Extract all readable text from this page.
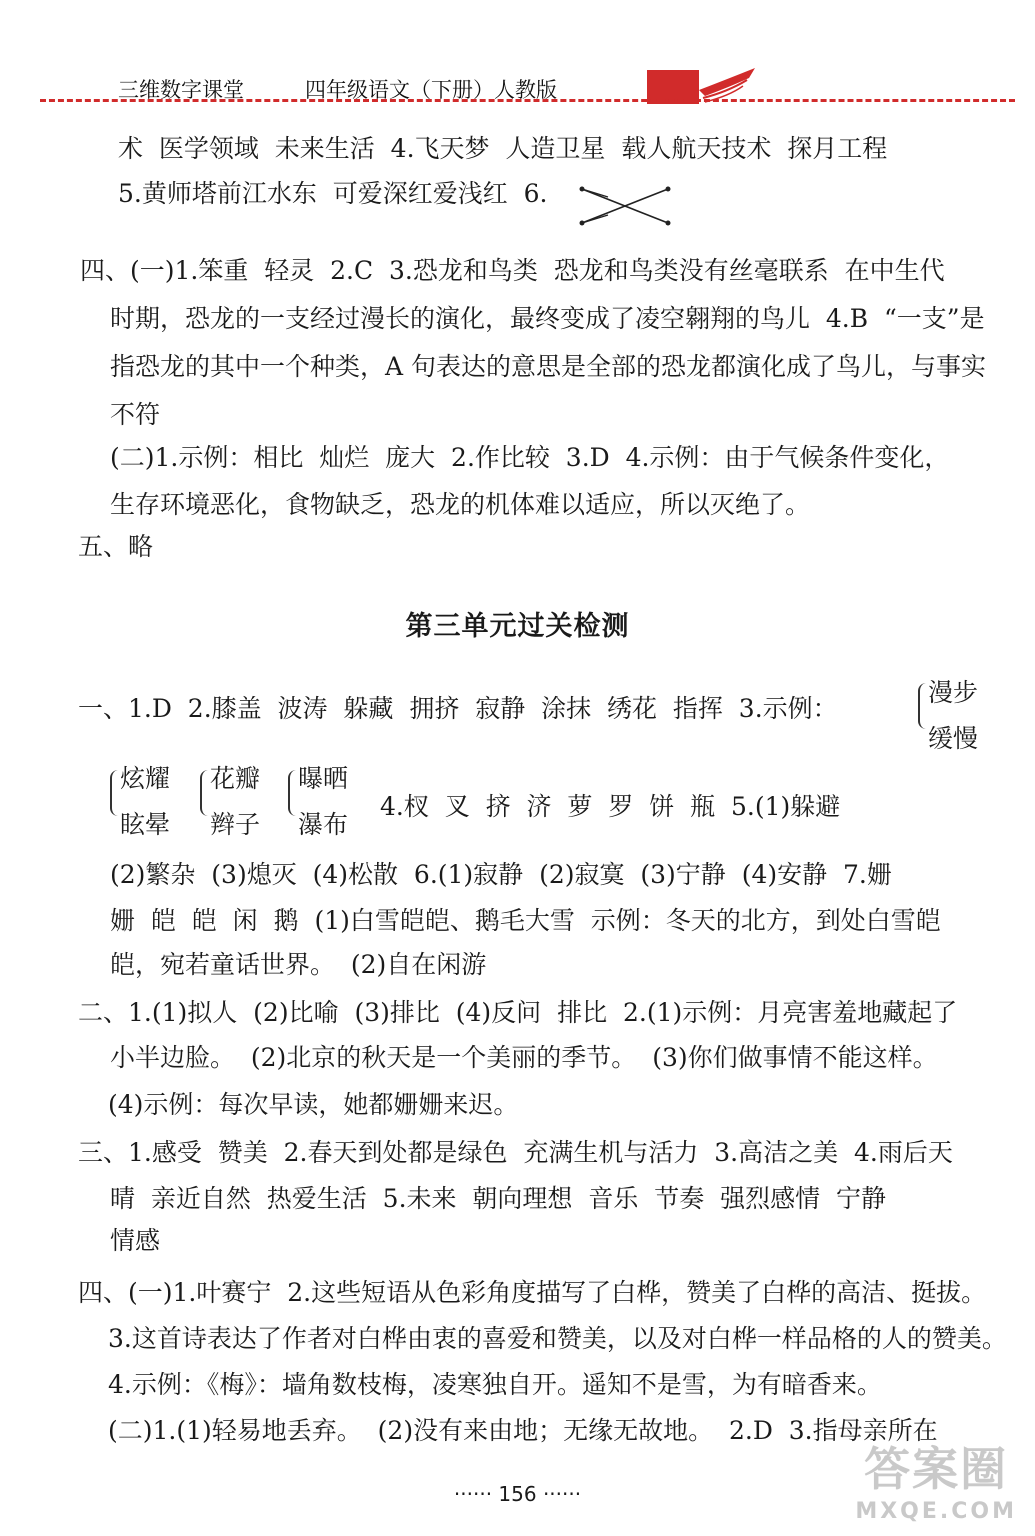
三维数字课堂	四年级语文（下册）人教版
术  医学领域  未来生活  4.飞天梦  人造卫星  载人航天技术  探月工程
5.黄师塔前江水东  可爱深红爱浅红  6.
四、(一)1.笨重  轻灵  2.C  3.恐龙和鸟类  恐龙和鸟类没有丝毫联系  在中生代
时期，恐龙的一支经过漫长的演化，最终变成了凌空翱翔的鸟儿  4.B  “一支”是
指恐龙的其中一个种类，A 句表达的意思是全部的恐龙都演化成了鸟儿，与事实
不符
(二)1.示例：相比  灿烂  庞大  2.作比较  3.D  4.示例：由于气候条件变化，
生存环境恶化，食物缺乏，恐龙的机体难以适应，所以灭绝了。
五、略
第三单元过关检测
一、1.D  2.膝盖  波涛  躲藏  拥挤  寂静  涂抹  绣花  指挥  3.示例：
漫步
缓慢
炫耀
眩晕
花瓣
辫子
曝晒
瀑布
4.杈  叉  挤  济  萝  罗  饼  瓶  5.(1)躲避
(2)繁杂  (3)熄灭  (4)松散  6.(1)寂静  (2)寂寞  (3)宁静  (4)安静  7.姗
姗  皑  皑  闲  鹅  (1)白雪皑皑、鹅毛大雪  示例：冬天的北方，到处白雪皑
皑，宛若童话世界。  (2)自在闲游
二、1.(1)拟人  (2)比喻  (3)排比  (4)反问  排比  2.(1)示例：月亮害羞地藏起了
小半边脸。  (2)北京的秋天是一个美丽的季节。  (3)你们做事情不能这样。
(4)示例：每次早读，她都姗姗来迟。
三、1.感受  赞美  2.春天到处都是绿色  充满生机与活力  3.高洁之美  4.雨后天
晴  亲近自然  热爱生活  5.未来  朝向理想  音乐  节奏  强烈感情  宁静
情感
四、(一)1.叶赛宁  2.这些短语从色彩角度描写了白桦，赞美了白桦的高洁、挺拔。
3.这首诗表达了作者对白桦由衷的喜爱和赞美，以及对白桦一样品格的人的赞美。
4.示例：《梅》：墙角数枝梅，凌寒独自开。遥知不是雪，为有暗香来。
(二)1.(1)轻易地丢弃。  (2)没有来由地；无缘无故地。  2.D  3.指母亲所在
······ 156 ······	答案圈
MXQE.COM
